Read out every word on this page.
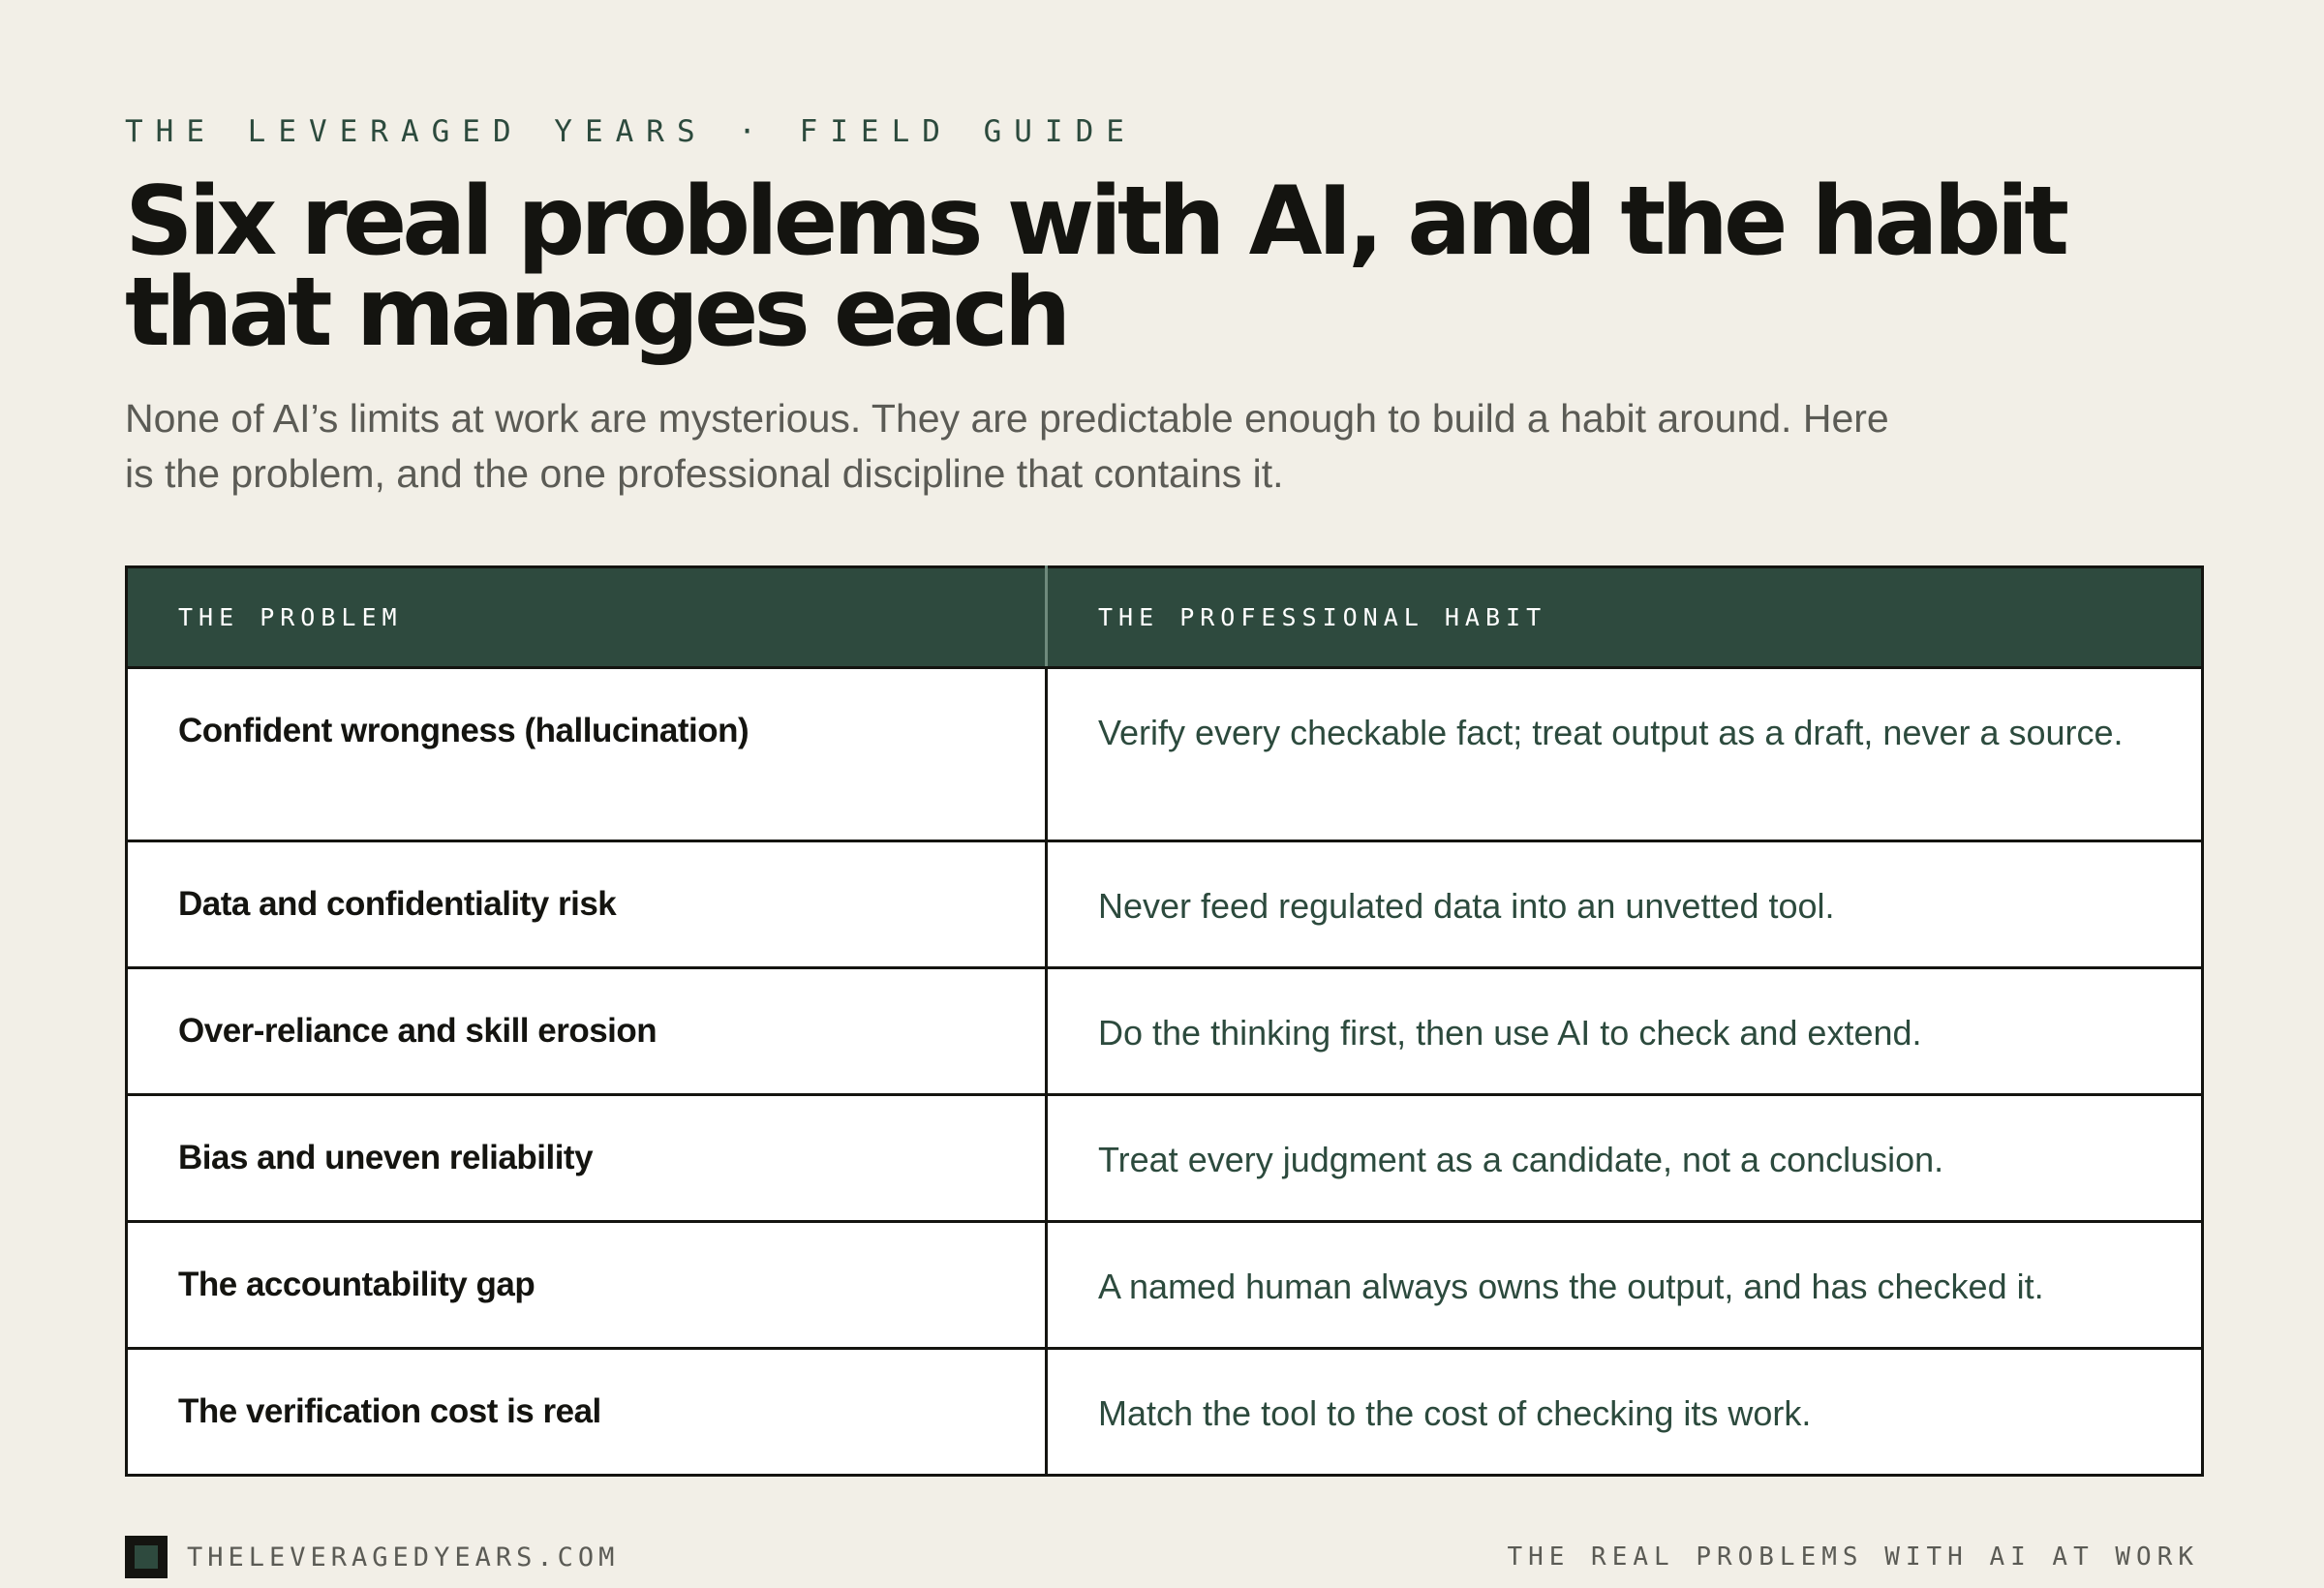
THE LEVERAGED YEARS · FIELD GUIDE
Six real problems with AI, and the habit that manages each

None of AI’s limits at work are mysterious. They are predictable enough to build a habit around. Here is the problem, and the one professional discipline that contains it.

THE PROBLEM	THE PROFESSIONAL HABIT
Confident wrongness (hallucination)	Verify every checkable fact; treat output as a draft, never a source.
Data and confidentiality risk	Never feed regulated data into an unvetted tool.
Over-reliance and skill erosion	Do the thinking first, then use AI to check and extend.
Bias and uneven reliability	Treat every judgment as a candidate, not a conclusion.
The accountability gap	A named human always owns the output, and has checked it.
The verification cost is real	Match the tool to the cost of checking its work.
THELEVERAGEDYEARS.COM	THE REAL PROBLEMS WITH AI AT WORK
